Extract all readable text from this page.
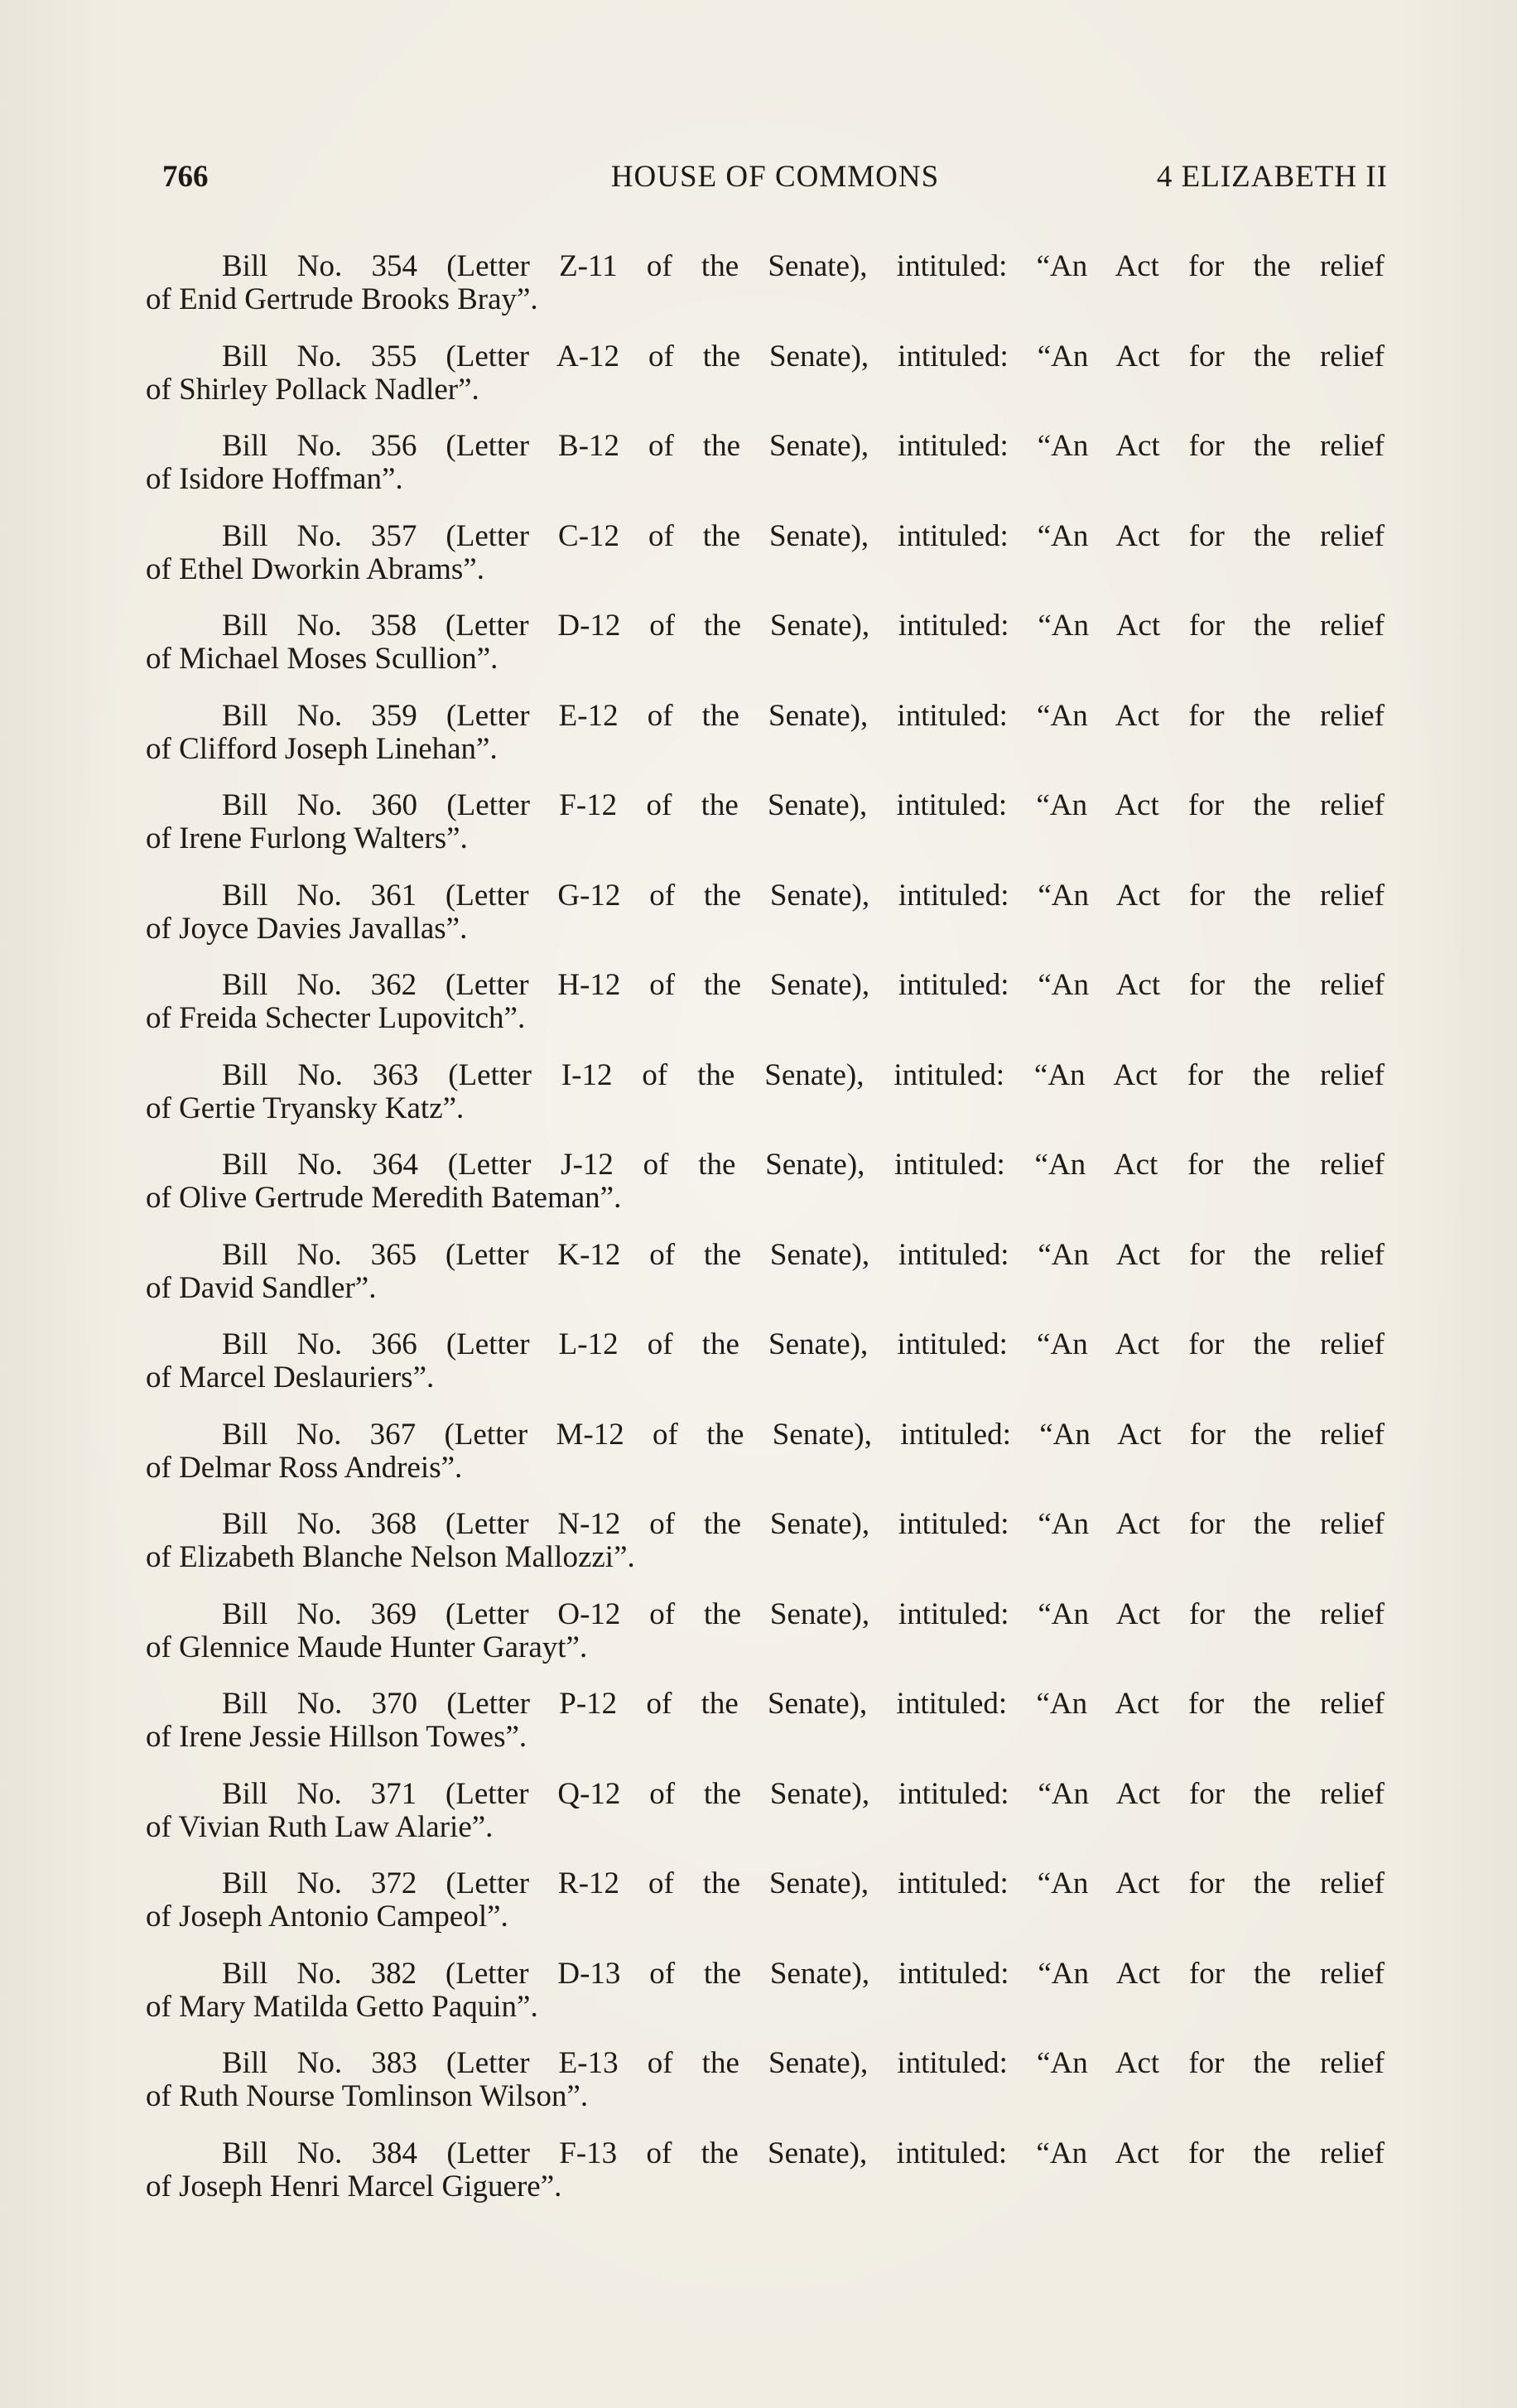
766	HOUSE OF COMMONS	4 ELIZABETH II
Bill No. 354 (Letter Z-11 of the Senate), intituled: “An Act for the relief
of Enid Gertrude Brooks Bray”.
Bill No. 355 (Letter A-12 of the Senate), intituled: “An Act for the relief
of Shirley Pollack Nadler”.
Bill No. 356 (Letter B-12 of the Senate), intituled: “An Act for the relief
of Isidore Hoffman”.
Bill No. 357 (Letter C-12 of the Senate), intituled: “An Act for the relief
of Ethel Dworkin Abrams”.
Bill No. 358 (Letter D-12 of the Senate), intituled: “An Act for the relief
of Michael Moses Scullion”.
Bill No. 359 (Letter E-12 of the Senate), intituled: “An Act for the relief
of Clifford Joseph Linehan”.
Bill No. 360 (Letter F-12 of the Senate), intituled: “An Act for the relief
of Irene Furlong Walters”.
Bill No. 361 (Letter G-12 of the Senate), intituled: “An Act for the relief
of Joyce Davies Javallas”.
Bill No. 362 (Letter H-12 of the Senate), intituled: “An Act for the relief
of Freida Schecter Lupovitch”.
Bill No. 363 (Letter I-12 of the Senate), intituled: “An Act for the relief
of Gertie Tryansky Katz”.
Bill No. 364 (Letter J-12 of the Senate), intituled: “An Act for the relief
of Olive Gertrude Meredith Bateman”.
Bill No. 365 (Letter K-12 of the Senate), intituled: “An Act for the relief
of David Sandler”.
Bill No. 366 (Letter L-12 of the Senate), intituled: “An Act for the relief
of Marcel Deslauriers”.
Bill No. 367 (Letter M-12 of the Senate), intituled: “An Act for the relief
of Delmar Ross Andreis”.
Bill No. 368 (Letter N-12 of the Senate), intituled: “An Act for the relief
of Elizabeth Blanche Nelson Mallozzi”.
Bill No. 369 (Letter O-12 of the Senate), intituled: “An Act for the relief
of Glennice Maude Hunter Garayt”.
Bill No. 370 (Letter P-12 of the Senate), intituled: “An Act for the relief
of Irene Jessie Hillson Towes”.
Bill No. 371 (Letter Q-12 of the Senate), intituled: “An Act for the relief
of Vivian Ruth Law Alarie”.
Bill No. 372 (Letter R-12 of the Senate), intituled: “An Act for the relief
of Joseph Antonio Campeol”.
Bill No. 382 (Letter D-13 of the Senate), intituled: “An Act for the relief
of Mary Matilda Getto Paquin”.
Bill No. 383 (Letter E-13 of the Senate), intituled: “An Act for the relief
of Ruth Nourse Tomlinson Wilson”.
Bill No. 384 (Letter F-13 of the Senate), intituled: “An Act for the relief
of Joseph Henri Marcel Giguere”.
